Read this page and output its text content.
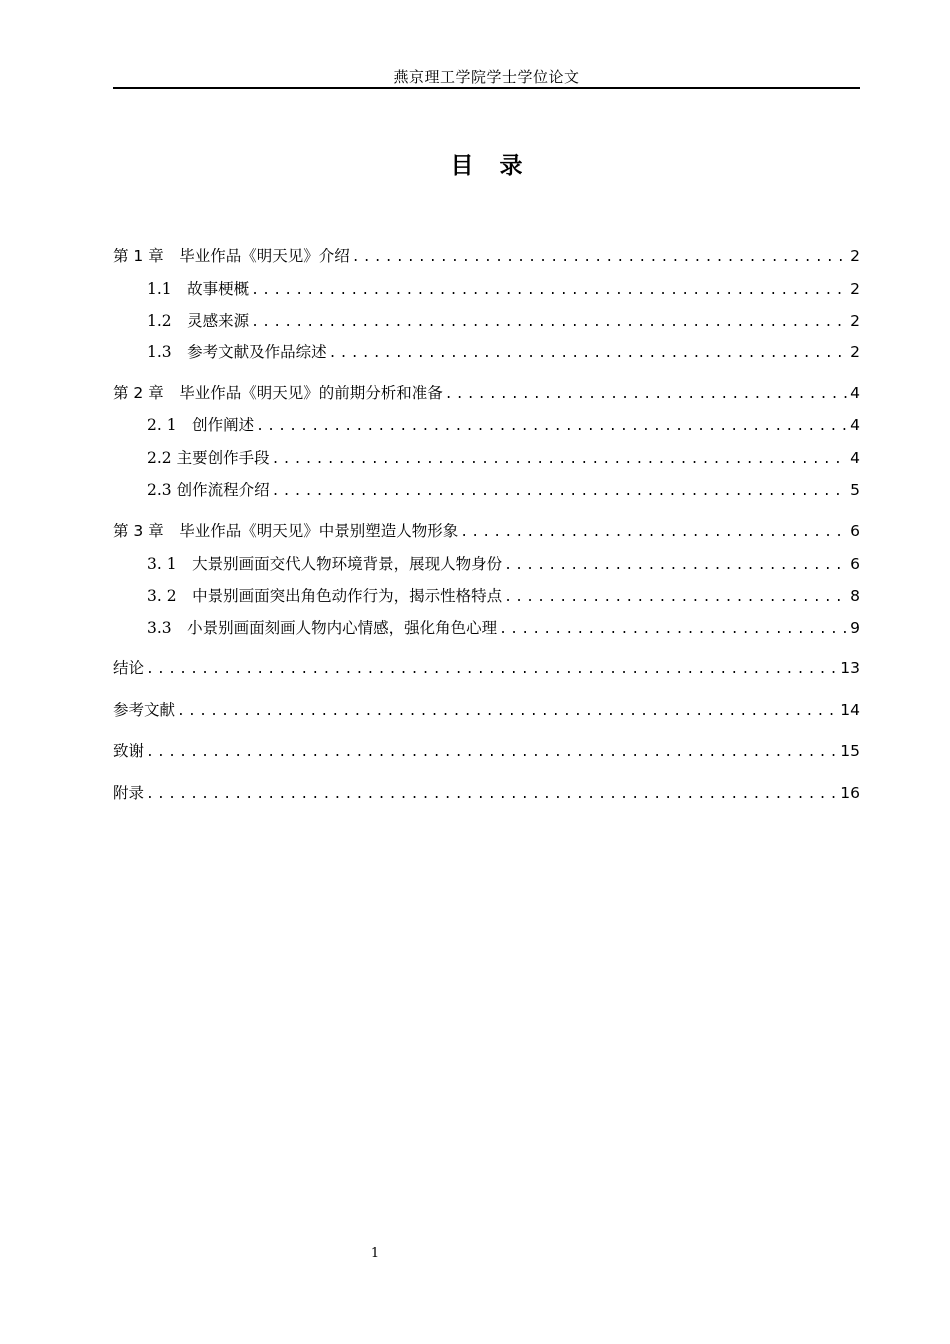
燕京理工学院学士学位论文
目录
第 1 章　毕业作品《明天见》介绍 .....	2
1.1　故事梗概 .....	2
1.2　灵感来源 .....	2
1.3　参考文献及作品综述 .....	2
第 2 章　毕业作品《明天见》的前期分析和准备 .....	4
2. 1　创作阐述 .....	4
2.2 主要创作手段 .....	4
2.3 创作流程介绍 .....	5
第 3 章　毕业作品《明天见》中景别塑造人物形象 .....	6
3. 1　大景别画面交代人物环境背景，展现人物身份 .....	6
3. 2　中景别画面突出角色动作行为，揭示性格特点 .....	8
3.3　小景别画面刻画人物内心情感，强化角色心理 .....	9
结论 .....	13
参考文献 .....	14
致谢 .....	15
附录 .....	16
1
